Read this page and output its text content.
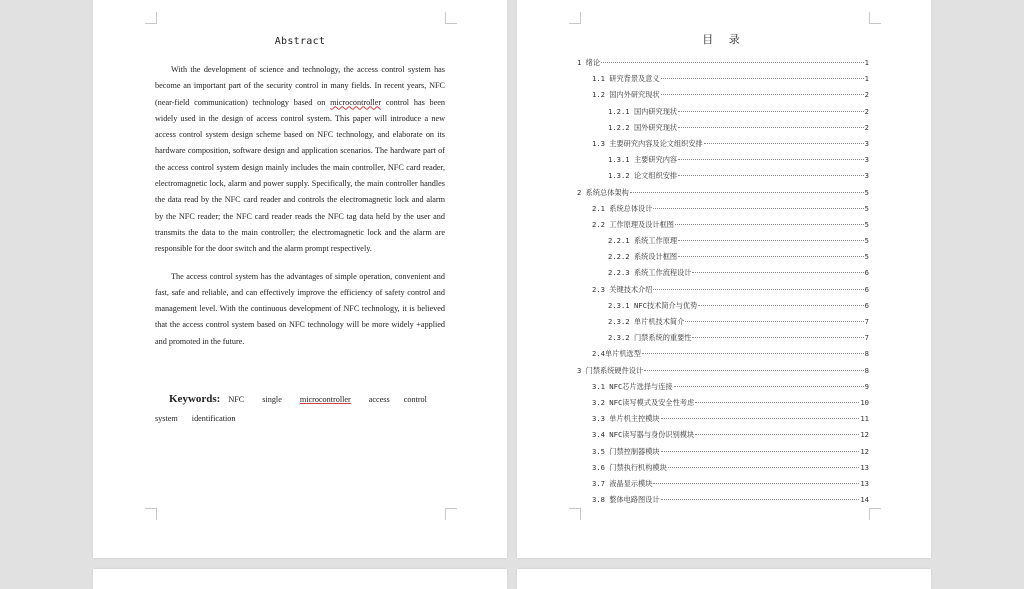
Abstract

With the development of science and technology, the access control system has become an important part of the security control in many fields. In recent years, NFC (near-field communication) technology based on microcontroller control has been widely used in the design of access control system. This paper will introduce a new access control system design scheme based on NFC technology, and elaborate on its hardware composition, software design and application scenarios. The hardware part of the access control system design mainly includes the main controller, NFC card reader, electromagnetic lock, alarm and power supply. Specifically, the main controller handles the data read by the NFC card reader and controls the electromagnetic lock and alarm by the NFC reader; the NFC card reader reads the NFC tag data held by the user and transmits the data to the main controller; the electromagnetic lock and the alarm are responsible for the door switch and the alarm prompt respectively.

The access control system has the advantages of simple operation, convenient and fast, safe and reliable, and can effectively improve the efficiency of safety control and management level. With the continuous development of NFC technology, it is believed that the access control system based on NFC technology will be more widely +applied and promoted in the future.

Keywords: NFC single microcontroller access control system identification
目 录
1 绪论	1
1.1 研究背景及意义	1
1.2 国内外研究现状	2
1.2.1 国内研究现状	2
1.2.2 国外研究现状	2
1.3 主要研究内容及论文组织安排	3
1.3.1 主要研究内容	3
1.3.2 论文组织安排	3
2 系统总体架构	5
2.1 系统总体设计	5
2.2 工作原理及设计框图	5
2.2.1 系统工作原理	5
2.2.2 系统设计框图	5
2.2.3 系统工作流程设计	6
2.3 关键技术介绍	6
2.3.1 NFC技术简介与优势	6
2.3.2 单片机技术简介	7
2.3.2 门禁系统的重要性	7
2.4单片机选型	8
3 门禁系统硬件设计	8
3.1 NFC芯片选择与连接	9
3.2 NFC读写模式及安全性考虑	10
3.3 单片机主控模块	11
3.4 NFC读写器与身份识别模块	12
3.5 门禁控制器模块	12
3.6 门禁执行机构模块	13
3.7 液晶显示模块	13
3.8 整体电路图设计	14
